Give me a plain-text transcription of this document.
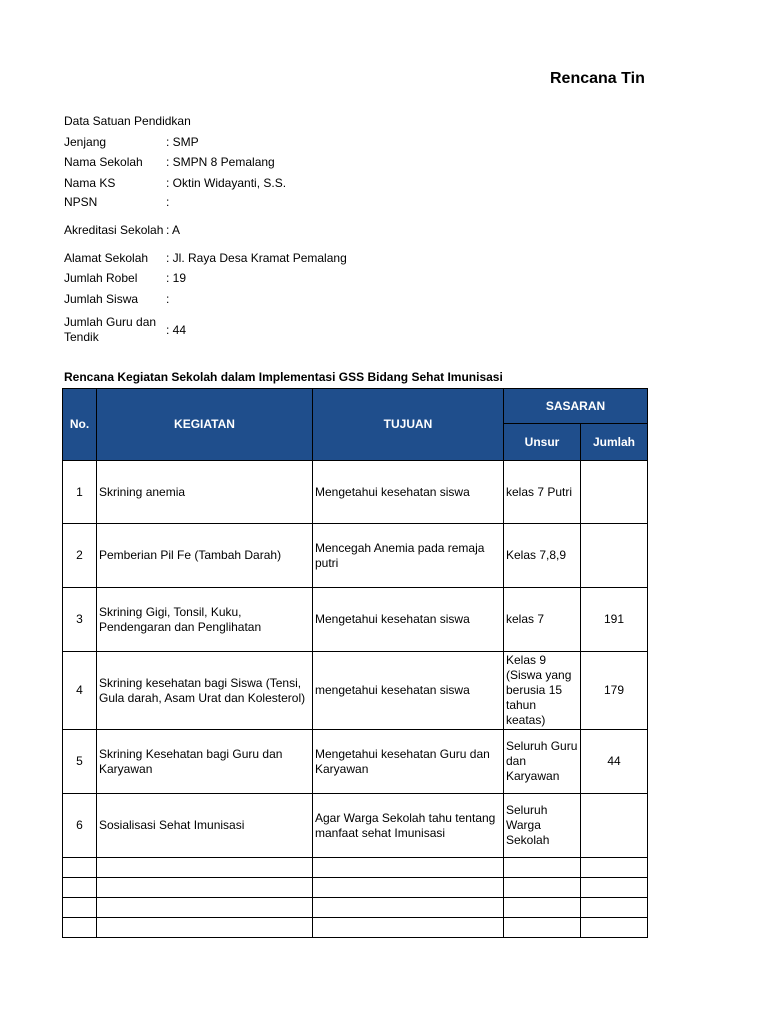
Rencana Tin
Data Satuan Pendidkan
Jenjang	: SMP
Nama Sekolah	: SMPN 8 Pemalang
Nama KS	: Oktin Widayanti, S.S.
NPSN	:
Akreditasi Sekolah : A
Alamat Sekolah	: Jl. Raya Desa Kramat Pemalang
Jumlah Robel	: 19
Jumlah Siswa	:
Jumlah Guru dan Tendik
: 44
Rencana Kegiatan Sekolah dalam Implementasi GSS Bidang Sehat Imunisasi
No.	KEGIATAN	TUJUAN	SASARAN	
			Unsur	Jumlah
1	Skrining anemia	Mengetahui kesehatan siswa	kelas 7 Putri	
2	Pemberian Pil Fe (Tambah Darah)	Mencegah Anemia pada remaja putri	Kelas 7,8,9	
3	Skrining Gigi, Tonsil, Kuku, Pendengaran dan Penglihatan	Mengetahui kesehatan siswa	kelas 7	191
4	Skrining kesehatan bagi Siswa (Tensi, Gula darah, Asam Urat dan Kolesterol)	mengetahui kesehatan siswa	Kelas 9 (Siswa yang berusia 15 tahun keatas)	179
5	Skrining Kesehatan bagi Guru dan Karyawan	Mengetahui kesehatan Guru dan Karyawan	Seluruh Guru dan Karyawan	44
6	Sosialisasi Sehat Imunisasi	Agar Warga Sekolah tahu tentang manfaat sehat Imunisasi	Seluruh Warga Sekolah	
